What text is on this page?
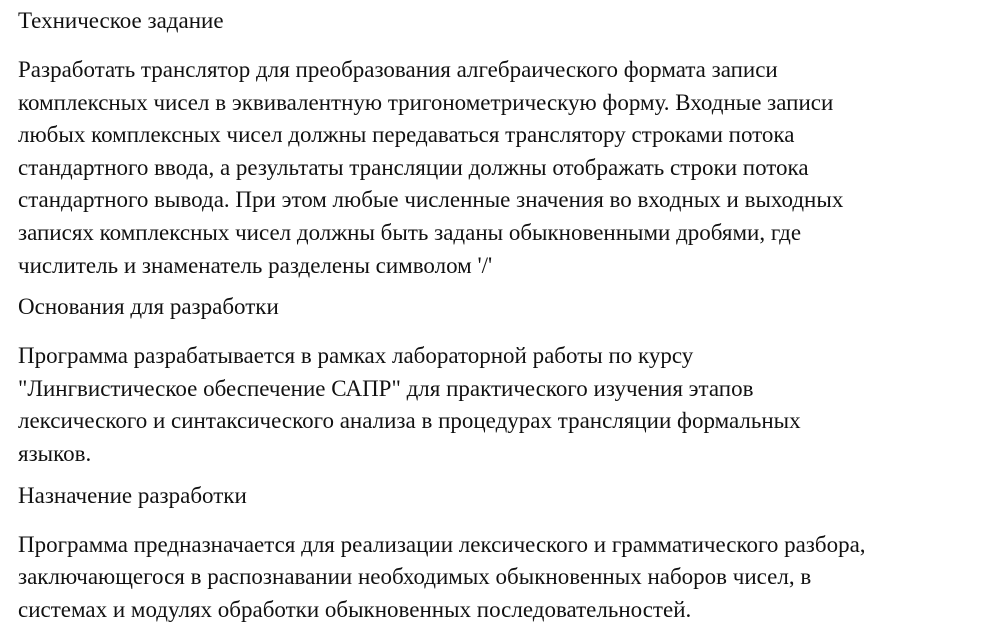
Техническое задание

Разработать транслятор для преобразования алгебраического формата записи
комплексных чисел в эквивалентную тригонометрическую форму. Входные записи
любых комплексных чисел должны передаваться транслятору строками потока
стандартного ввода, а результаты трансляции должны отображать строки потока
стандартного вывода. При этом любые численные значения во входных и выходных
записях комплексных чисел должны быть заданы обыкновенными дробями, где
числитель и знаменатель разделены символом '/'

Основания для разработки

Программа разрабатывается в рамках лабораторной работы по курсу
"Лингвистическое обеспечение САПР" для практического изучения этапов
лексического и синтаксического анализа в процедурах трансляции формальных
языков.

Назначение разработки

Программа предназначается для реализации лексического и грамматического разбора,
заключающегося в распознавании необходимых обыкновенных наборов чисел, в
системах и модулях обработки обыкновенных последовательностей.
